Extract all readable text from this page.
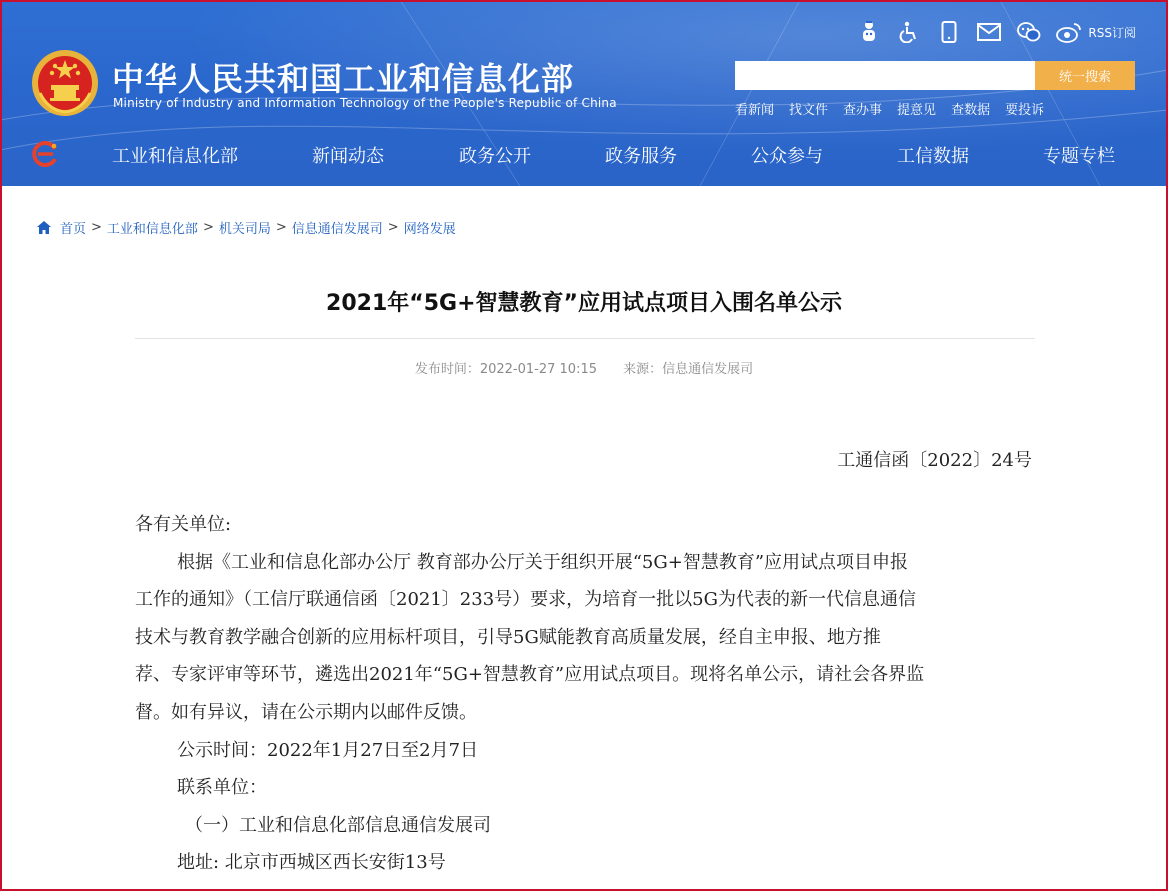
中华人民共和国工业和信息化部
Ministry of Industry and Information Technology of the People's Republic of China
RSS订阅
统一搜索
看新闻 找文件 查办事 提意见 查数据 要投诉
工业和信息化部	新闻动态	政务公开	政务服务	公众参与	工信数据	专题专栏
首页 > 工业和信息化部 > 机关司局 > 信息通信发展司 > 网络发展
2021年“5G+智慧教育”应用试点项目入围名单公示
发布时间：2022-01-27 10:15 来源：信息通信发展司
工通信函〔2022〕24号
各有关单位:
根据《工业和信息化部办公厅 教育部办公厅关于组织开展“5G+智慧教育”应用试点项目申报
工作的通知》（工信厅联通信函〔2021〕233号）要求，为培育一批以5G为代表的新一代信息通信
技术与教育教学融合创新的应用标杆项目，引导5G赋能教育高质量发展，经自主申报、地方推
荐、专家评审等环节，遴选出2021年“5G+智慧教育”应用试点项目。现将名单公示，请社会各界监
督。如有异议，请在公示期内以邮件反馈。
公示时间：2022年1月27日至2月7日
联系单位：
（一）工业和信息化部信息通信发展司
地址: 北京市西城区西长安街13号
